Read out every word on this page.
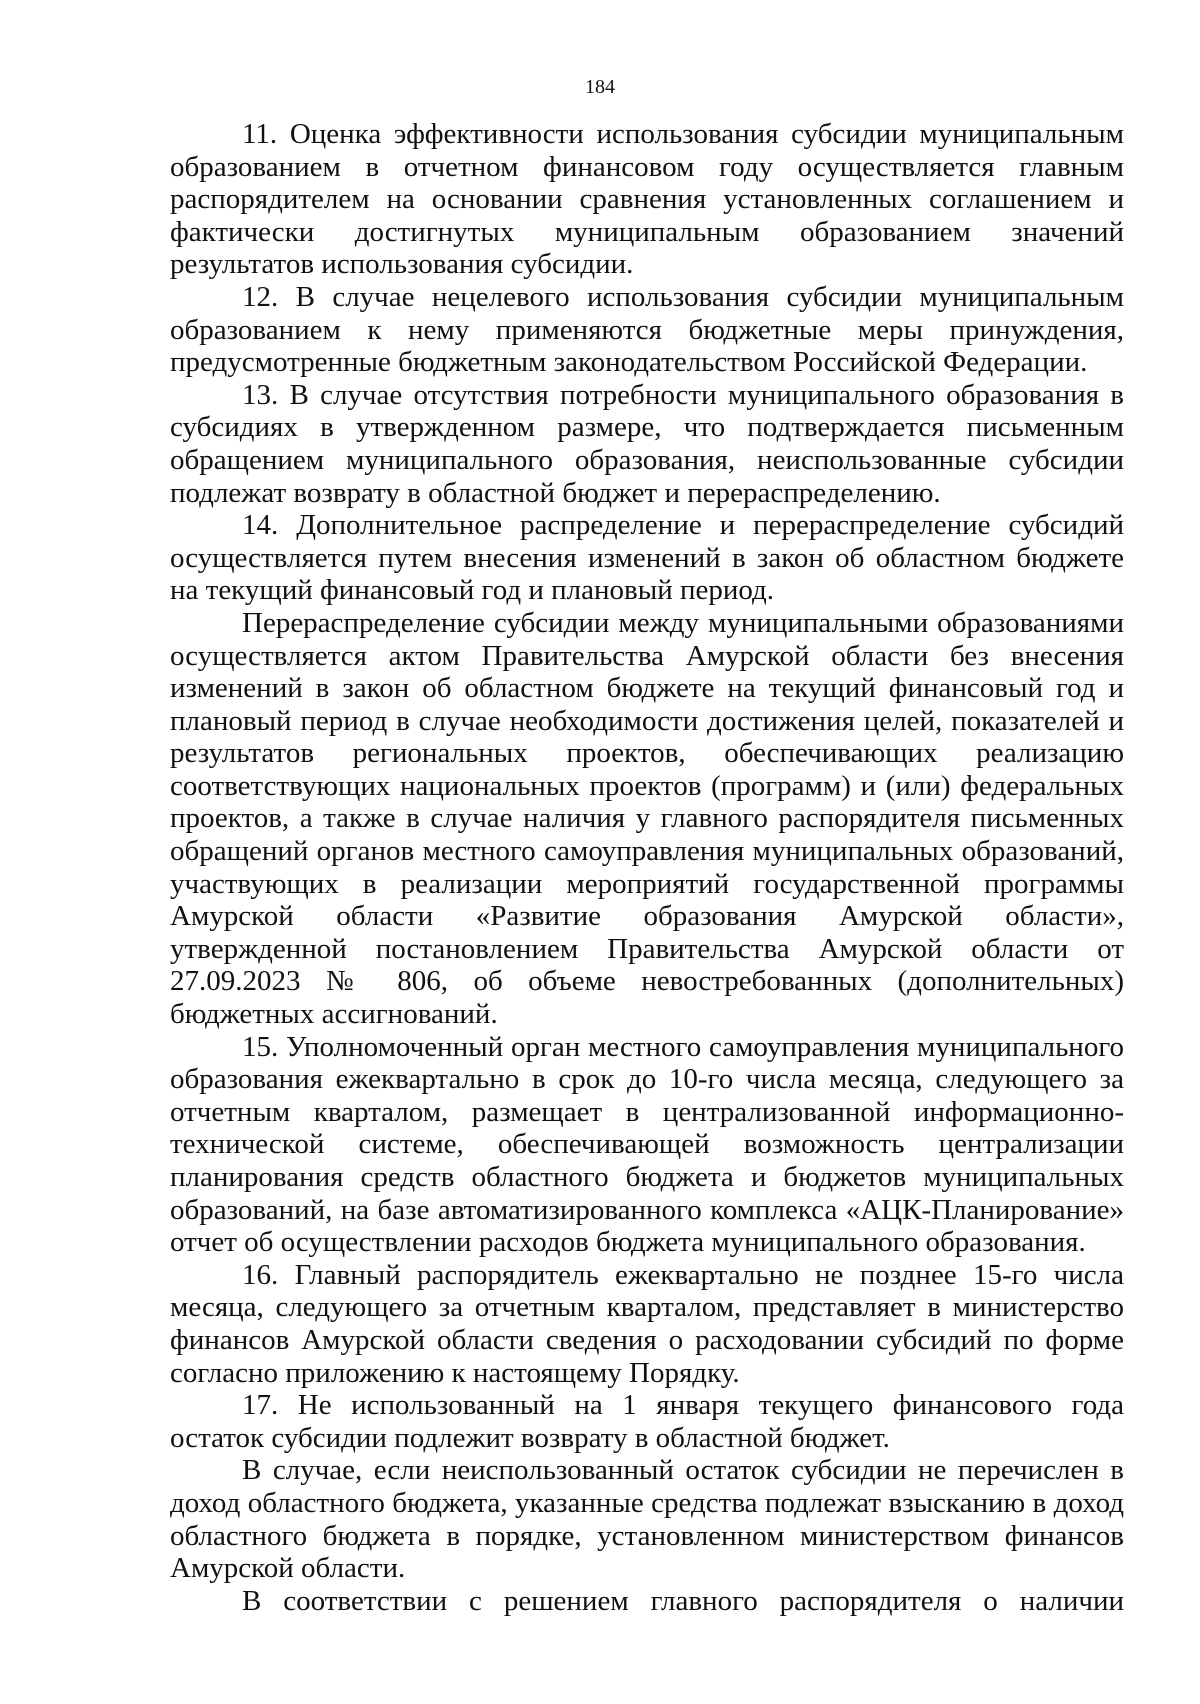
184

11. Оценка эффективности использования субсидии муниципальным образованием в отчетном финансовом году осуществляется главным распорядителем на основании сравнения установленных соглашением и фактически достигнутых муниципальным образованием значений результатов использования субсидии.

12. В случае нецелевого использования субсидии муниципальным образованием к нему применяются бюджетные меры принуждения, предусмотренные бюджетным законодательством Российской Федерации.

13. В случае отсутствия потребности муниципального образования в субсидиях в утвержденном размере, что подтверждается письменным обращением муниципального образования, неиспользованные субсидии подлежат возврату в областной бюджет и перераспределению.

14. Дополнительное распределение и перераспределение субсидий осуществляется путем внесения изменений в закон об областном бюджете на текущий финансовый год и плановый период.

Перераспределение субсидии между муниципальными образованиями осуществляется актом Правительства Амурской области без внесения изменений в закон об областном бюджете на текущий финансовый год и плановый период в случае необходимости достижения целей, показателей и результатов региональных проектов, обеспечивающих реализацию соответствующих национальных проектов (программ) и (или) федеральных проектов, а также в случае наличия у главного распорядителя письменных обращений органов местного самоуправления муниципальных образований, участвующих в реализации мероприятий государственной программы Амурской области «Развитие образования Амурской области», утвержденной постановлением Правительства Амурской области от 27.09.2023 № 806, об объеме невостребованных (дополнительных) бюджетных ассигнований.

15. Уполномоченный орган местного самоуправления муниципального образования ежеквартально в срок до 10-го числа месяца, следующего за отчетным кварталом, размещает в централизованной информационно-технической системе, обеспечивающей возможность централизации планирования средств областного бюджета и бюджетов муниципальных образований, на базе автоматизированного комплекса «АЦК-Планирование» отчет об осуществлении расходов бюджета муниципального образования.

16. Главный распорядитель ежеквартально не позднее 15-го числа месяца, следующего за отчетным кварталом, представляет в министерство финансов Амурской области сведения о расходовании субсидий по форме согласно приложению к настоящему Порядку.

17. Не использованный на 1 января текущего финансового года остаток субсидии подлежит возврату в областной бюджет.

В случае, если неиспользованный остаток субсидии не перечислен в доход областного бюджета, указанные средства подлежат взысканию в доход областного бюджета в порядке, установленном министерством финансов Амурской области.

В соответствии с решением главного распорядителя о наличии
